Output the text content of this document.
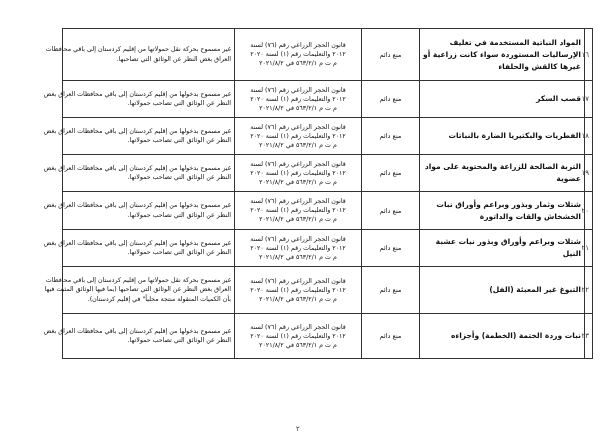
١٦	المواد النباتية المستخدمة في تغليف الإرساليات المستوردة سواء كانت زراعية أو غيرها كالقش والحلفاء	منع دائم	قانون الحجر الزراعي رقم (٧٦) لسنة
٢٠١٢ والتعليمات رقم (١) لسنة ٢٠٢٠
م ت م ٥٦٣/٢/١ في ٢٠٢١/٨/٢	غير مسموح بحركة نقل حمولاتها من إقليم كردستان إلى باقي محافظات
العراق بغض النظر عن الوثائق التي تصاحبها.

١٧	قصب السكر	منع دائم	قانون الحجر الزراعي رقم (٧٦) لسنة
٢٠١٢ والتعليمات رقم (١) لسنة ٢٠٢٠
م ت م ٥٦٣/٢/١ في ٢٠٢١/٨/٢	غير مسموح بدخولها من إقليم كردستان إلى باقي محافظات العراق بغض
النظر عن الوثائق التي تصاحب حمولاتها.

١٨	الفطريات والبكتيريا الضارة بالنباتات	منع دائم	قانون الحجر الزراعي رقم (٧٦) لسنة
٢٠١٢ والتعليمات رقم (١) لسنة ٢٠٢٠
م ت م ٥٦٣/٢/١ في ٢٠٢١/٨/٢	غير مسموح بدخولها من إقليم كردستان إلى باقي محافظات العراق بغض
النظر عن الوثائق التي تصاحب حمولاتها.

١٩	التربة الصالحة للزراعة والمحتوية على مواد عضوية	منع دائم	قانون الحجر الزراعي رقم (٧٦) لسنة
٢٠١٢ والتعليمات رقم (١) لسنة ٢٠٢٠
م ت م ٥٦٣/٢/١ في ٢٠٢١/٨/٢	غير مسموح بدخولها من إقليم كردستان إلى باقي محافظات العراق بغض
النظر عن الوثائق التي تصاحب حمولاتها.

٢٠	شتلات وثمار وبذور وبراعم وأوراق نبات الخشخاش والقات والداتورة	منع دائم	قانون الحجر الزراعي رقم (٧٦) لسنة
٢٠١٢ والتعليمات رقم (١) لسنة ٢٠٢٠
م ت م ٥٦٣/٢/١ في ٢٠٢١/٨/٢	غير مسموح بدخولها من إقليم كردستان إلى باقي محافظات العراق بغض
النظر عن الوثائق التي تصاحب حمولاتها.

٢١	شتلات وبراعم وأوراق وبذور نبات عشبة النيل	منع دائم	قانون الحجر الزراعي رقم (٧٦) لسنة
٢٠١٢ والتعليمات رقم (١) لسنة ٢٠٢٠
م ت م ٥٦٣/٢/١ في ٢٠٢١/٨/٢	غير مسموح بدخولها من إقليم كردستان إلى باقي محافظات العراق بغض
النظر عن الوثائق التي تصاحب حمولاتها.

٢٢	التبوغ غير المعبئة (الفل)	منع دائم	قانون الحجر الزراعي رقم (٧٦) لسنة
٢٠١٢ والتعليمات رقم (١) لسنة ٢٠٢٠
م ت م ٥٦٣/٢/١ في ٢٠٢١/٨/٢	غير مسموح بحركة نقل حمولاتها من إقليم كردستان إلى باقي محافظات
العراق بغض النظر عن الوثائق التي تصاحبها (بما فيها الوثائق المثبت فيها
بأن الكميات المنقولة منتجة محلياً" في إقليم كردستان).

٢٣	نبات وردة الختمة (الخطمة) وأجزاءه	منع دائم	قانون الحجر الزراعي رقم (٧٦) لسنة
٢٠١٢ والتعليمات رقم (١) لسنة ٢٠٢٠
م ت م ٥٦٣/٢/١ في ٢٠٢١/٨/٢	غير مسموح بدخولها من إقليم كردستان إلى باقي محافظات العراق بغض
النظر عن الوثائق التي تصاحب حمولاتها.
٢
